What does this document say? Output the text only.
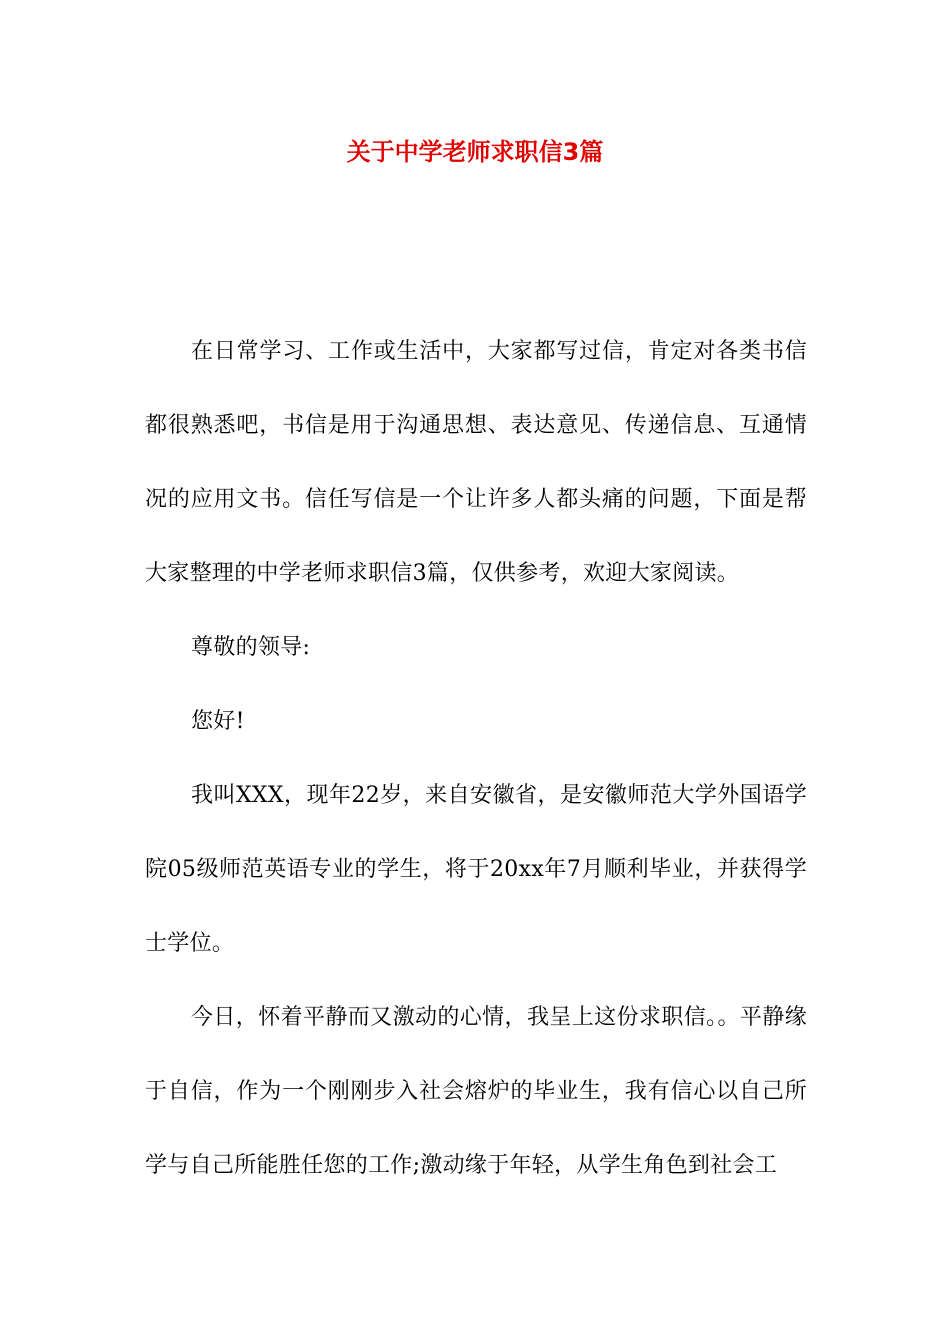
关于中学老师求职信3篇

在日常学习、工作或生活中，大家都写过信，肯定对各类书信都很熟悉吧，书信是用于沟通思想、表达意见、传递信息、互通情况的应用文书。信任写信是一个让许多人都头痛的问题，下面是帮大家整理的中学老师求职信3篇，仅供参考，欢迎大家阅读。

尊敬的领导:

您好!

我叫XXX，现年22岁，来自安徽省，是安徽师范大学外国语学院05级师范英语专业的学生，将于20xx年7月顺利毕业，并获得学士学位。

今日，怀着平静而又激动的心情，我呈上这份求职信。。平静缘于自信，作为一个刚刚步入社会熔炉的毕业生，我有信心以自己所学与自己所能胜任您的工作;激动缘于年轻，从学生角色到社会工
